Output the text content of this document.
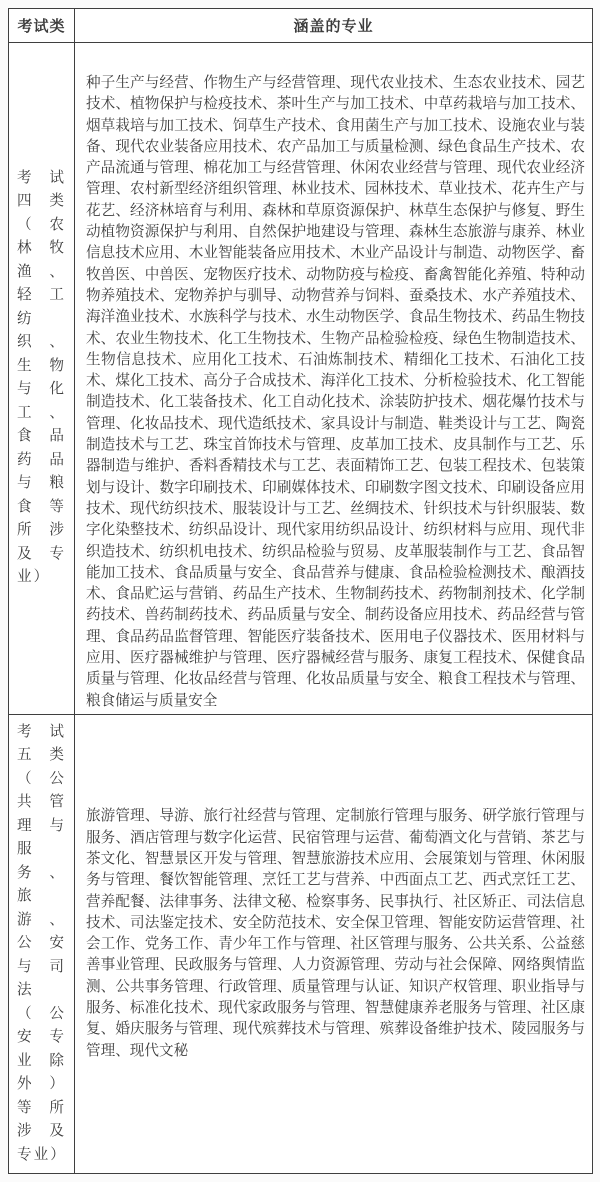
考试类	涵盖的专业
考试四类（农林牧渔、轻工纺织、生物与化工、食品药品与粮食等所涉及专业）	种子生产与经营、作物生产与经营管理、现代农业技术、生态农业技术、园艺技术、植物保护与检疫技术、茶叶生产与加工技术、中草药栽培与加工技术、烟草栽培与加工技术、饲草生产技术、食用菌生产与加工技术、设施农业与装备、现代农业装备应用技术、农产品加工与质量检测、绿色食品生产技术、农产品流通与管理、棉花加工与经营管理、休闲农业经营与管理、现代农业经济管理、农村新型经济组织管理、林业技术、园林技术、草业技术、花卉生产与花艺、经济林培育与利用、森林和草原资源保护、林草生态保护与修复、野生动植物资源保护与利用、自然保护地建设与管理、森林生态旅游与康养、林业信息技术应用、木业智能装备应用技术、木业产品设计与制造、动物医学、畜牧兽医、中兽医、宠物医疗技术、动物防疫与检疫、畜禽智能化养殖、特种动物养殖技术、宠物养护与驯导、动物营养与饲料、蚕桑技术、水产养殖技术、海洋渔业技术、水族科学与技术、水生动物医学、食品生物技术、药品生物技术、农业生物技术、化工生物技术、生物产品检验检疫、绿色生物制造技术、生物信息技术、应用化工技术、石油炼制技术、精细化工技术、石油化工技术、煤化工技术、高分子合成技术、海洋化工技术、分析检验技术、化工智能制造技术、化工装备技术、化工自动化技术、涂装防护技术、烟花爆竹技术与管理、化妆品技术、现代造纸技术、家具设计与制造、鞋类设计与工艺、陶瓷制造技术与工艺、珠宝首饰技术与管理、皮革加工技术、皮具制作与工艺、乐器制造与维护、香料香精技术与工艺、表面精饰工艺、包装工程技术、包装策划与设计、数字印刷技术、印刷媒体技术、印刷数字图文技术、印刷设备应用技术、现代纺织技术、服装设计与工艺、丝绸技术、针织技术与针织服装、数字化染整技术、纺织品设计、现代家用纺织品设计、纺织材料与应用、现代非织造技术、纺织机电技术、纺织品检验与贸易、皮革服装制作与工艺、食品智能加工技术、食品质量与安全、食品营养与健康、食品检验检测技术、酿酒技术、食品贮运与营销、药品生产技术、生物制药技术、药物制剂技术、化学制药技术、兽药制药技术、药品质量与安全、制药设备应用技术、药品经营与管理、食品药品监督管理、智能医疗装备技术、医用电子仪器技术、医用材料与应用、医疗器械维护与管理、医疗器械经营与服务、康复工程技术、保健食品质量与管理、化妆品经营与管理、化妆品质量与安全、粮食工程技术与管理、粮食储运与质量安全
考试五类（公共管理与服务、旅游、公安与司法（公安专业除外）等所涉及专业）	旅游管理、导游、旅行社经营与管理、定制旅行管理与服务、研学旅行管理与服务、酒店管理与数字化运营、民宿管理与运营、葡萄酒文化与营销、茶艺与茶文化、智慧景区开发与管理、智慧旅游技术应用、会展策划与管理、休闲服务与管理、餐饮智能管理、烹饪工艺与营养、中西面点工艺、西式烹饪工艺、营养配餐、法律事务、法律文秘、检察事务、民事执行、社区矫正、司法信息技术、司法鉴定技术、安全防范技术、安全保卫管理、智能安防运营管理、社会工作、党务工作、青少年工作与管理、社区管理与服务、公共关系、公益慈善事业管理、民政服务与管理、人力资源管理、劳动与社会保障、网络舆情监测、公共事务管理、行政管理、质量管理与认证、知识产权管理、职业指导与服务、标准化技术、现代家政服务与管理、智慧健康养老服务与管理、社区康复、婚庆服务与管理、现代殡葬技术与管理、殡葬设备维护技术、陵园服务与管理、现代文秘
